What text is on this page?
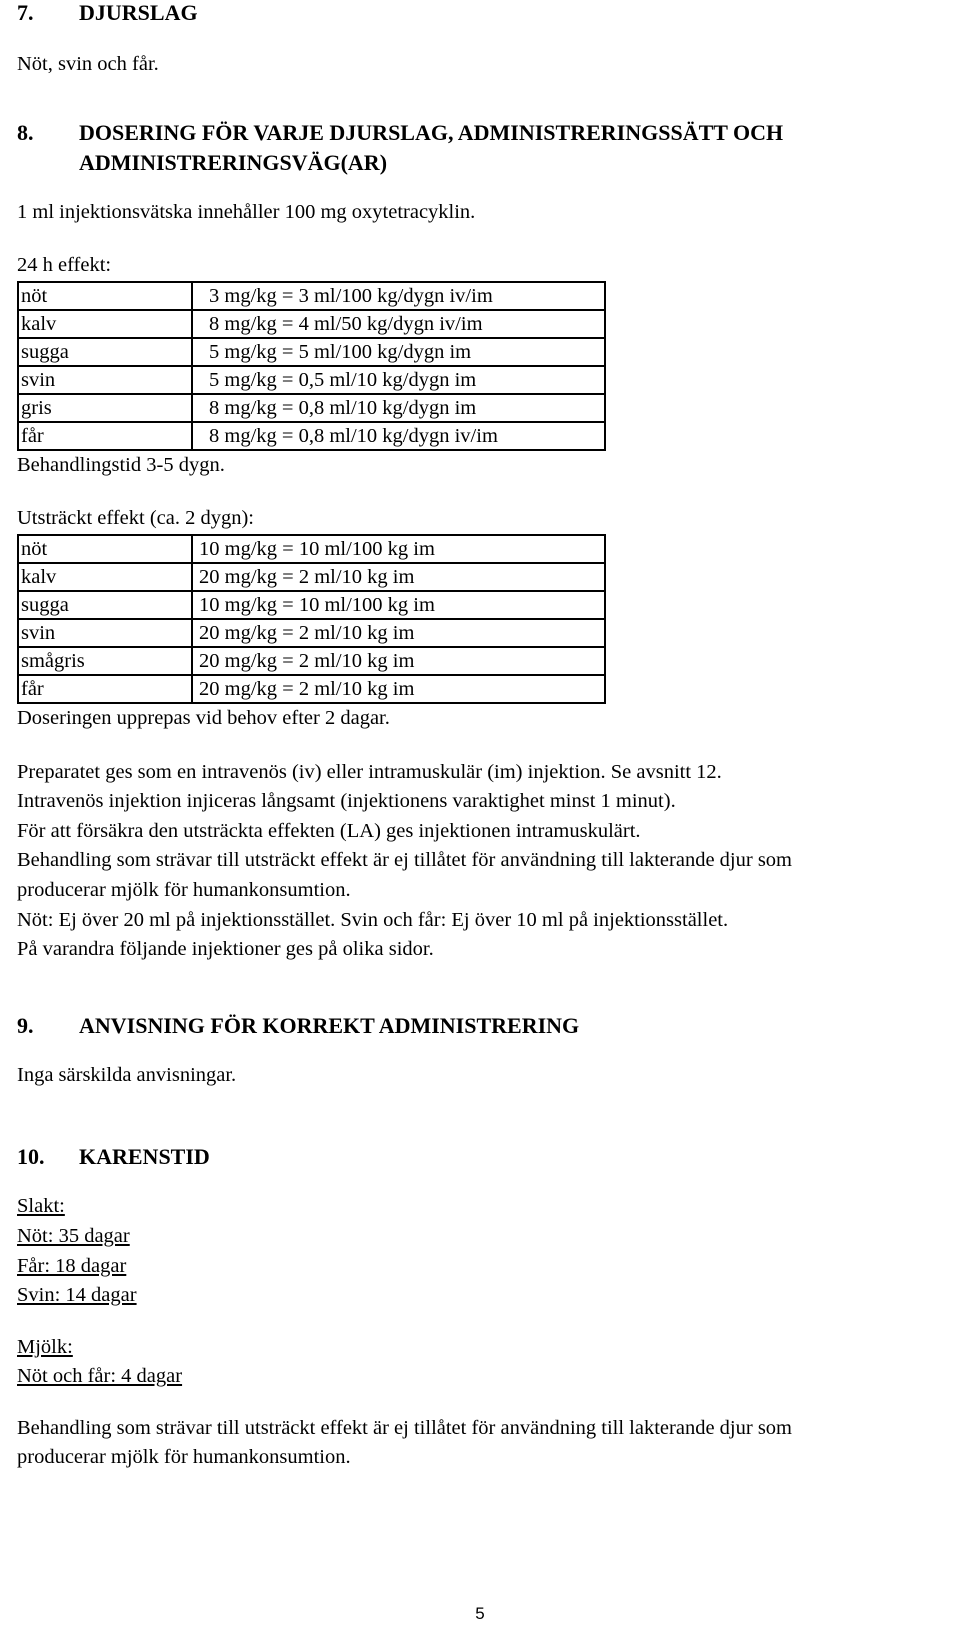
7. DJURSLAG

Nöt, svin och får.

8. DOSERING FÖR VARJE DJURSLAG, ADMINISTRERINGSSÄTT OCH
ADMINISTRERINGSVÄG(AR)

1 ml injektionsvätska innehåller 100 mg oxytetracyklin.

24 h effekt:

nöt	3 mg/kg = 3 ml/100 kg/dygn iv/im
kalv	8 mg/kg = 4 ml/50 kg/dygn iv/im
sugga	5 mg/kg = 5 ml/100 kg/dygn im
svin	5 mg/kg = 0,5 ml/10 kg/dygn im
gris	8 mg/kg = 0,8 ml/10 kg/dygn im
får	8 mg/kg = 0,8 ml/10 kg/dygn iv/im

Behandlingstid 3-5 dygn.

Utsträckt effekt (ca. 2 dygn):

nöt	10 mg/kg = 10 ml/100 kg im
kalv	20 mg/kg = 2 ml/10 kg im
sugga	10 mg/kg = 10 ml/100 kg im
svin	20 mg/kg = 2 ml/10 kg im
smågris	20 mg/kg = 2 ml/10 kg im
får	20 mg/kg = 2 ml/10 kg im

Doseringen upprepas vid behov efter 2 dagar.

Preparatet ges som en intravenös (iv) eller intramuskulär (im) injektion. Se avsnitt 12.

Intravenös injektion injiceras långsamt (injektionens varaktighet minst 1 minut).

För att försäkra den utsträckta effekten (LA) ges injektionen intramuskulärt.

Behandling som strävar till utsträckt effekt är ej tillåtet för användning till lakterande djur som

producerar mjölk för humankonsumtion.

Nöt: Ej över 20 ml på injektionsstället. Svin och får: Ej över 10 ml på injektionsstället.

På varandra följande injektioner ges på olika sidor.

9. ANVISNING FÖR KORREKT ADMINISTRERING

Inga särskilda anvisningar.

10. KARENSTID

Slakt:

Nöt: 35 dagar

Får: 18 dagar

Svin: 14 dagar

Mjölk:

Nöt och får: 4 dagar

Behandling som strävar till utsträckt effekt är ej tillåtet för användning till lakterande djur som

producerar mjölk för humankonsumtion.

5
